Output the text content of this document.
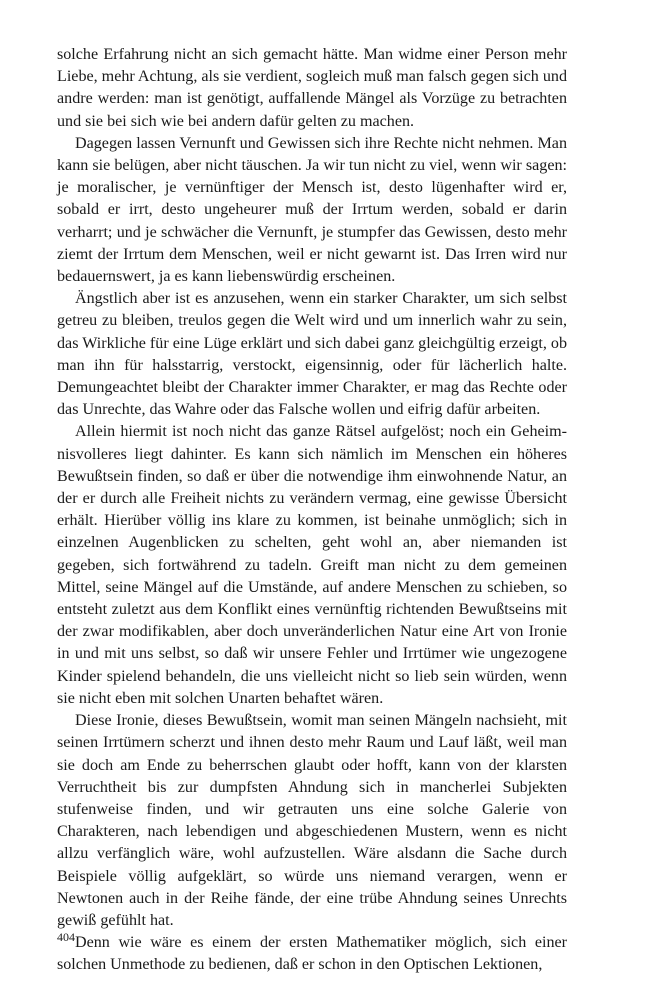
solche Erfahrung nicht an sich gemacht hätte. Man widme einer Person mehr Liebe, mehr Achtung, als sie verdient, sogleich muß man falsch gegen sich und andre werden: man ist genötigt, auffallende Mängel als Vorzüge zu betrachten und sie bei sich wie bei andern dafür gelten zu machen.

Dagegen lassen Vernunft und Gewissen sich ihre Rechte nicht nehmen. Man kann sie belügen, aber nicht täuschen. Ja wir tun nicht zu viel, wenn wir sagen: je moralischer, je vernünftiger der Mensch ist, desto lügenhafter wird er, sobald er irrt, desto ungeheurer muß der Irrtum werden, sobald er darin verharrt; und je schwächer die Vernunft, je stumpfer das Gewissen, desto mehr ziemt der Irrtum dem Menschen, weil er nicht gewarnt ist. Das Irren wird nur bedauernswert, ja es kann liebenswürdig erscheinen.

Ängstlich aber ist es anzusehen, wenn ein starker Charakter, um sich selbst getreu zu bleiben, treulos gegen die Welt wird und um innerlich wahr zu sein, das Wirkliche für eine Lüge erklärt und sich dabei ganz gleichgültig erzeigt, ob man ihn für halsstarrig, verstockt, eigensinnig, oder für lächerlich halte. Demungeachtet bleibt der Charakter immer Charakter, er mag das Rechte oder das Unrechte, das Wahre oder das Falsche wollen und eifrig dafür arbeiten.

Allein hiermit ist noch nicht das ganze Rätsel aufgelöst; noch ein Geheimnisvolleres liegt dahinter. Es kann sich nämlich im Menschen ein höheres Bewußtsein finden, so daß er über die notwendige ihm einwohnende Natur, an der er durch alle Freiheit nichts zu verändern vermag, eine gewisse Übersicht erhält. Hierüber völlig ins klare zu kommen, ist beinahe unmöglich; sich in einzelnen Augenblicken zu schelten, geht wohl an, aber niemanden ist gegeben, sich fortwährend zu tadeln. Greift man nicht zu dem gemeinen Mittel, seine Mängel auf die Umstände, auf andere Menschen zu schieben, so entsteht zuletzt aus dem Konflikt eines vernünftig richtenden Bewußtseins mit der zwar modifikablen, aber doch unveränderlichen Natur eine Art von Ironie in und mit uns selbst, so daß wir unsere Fehler und Irrtümer wie ungezogene Kinder spielend behandeln, die uns vielleicht nicht so lieb sein würden, wenn sie nicht eben mit solchen Unarten behaftet wären.

Diese Ironie, dieses Bewußtsein, womit man seinen Mängeln nachsieht, mit seinen Irrtümern scherzt und ihnen desto mehr Raum und Lauf läßt, weil man sie doch am Ende zu beherrschen glaubt oder hofft, kann von der klarsten Verruchtheit bis zur dumpfsten Ahndung sich in mancherlei Subjekten stufenweise finden, und wir getrauten uns eine solche Galerie von Charakteren, nach lebendigen und abgeschiedenen Mustern, wenn es nicht allzu verfänglich wäre, wohl aufzustellen. Wäre alsdann die Sache durch Beispiele völlig aufgeklärt, so würde uns niemand verargen, wenn er Newtonen auch in der Reihe fände, der eine trübe Ahndung seines Unrechts gewiß gefühlt hat.

Denn wie wäre es einem der ersten Mathematiker möglich, sich einer solchen Unmethode zu bedienen, daß er schon in den Optischen Lektionen,

404
